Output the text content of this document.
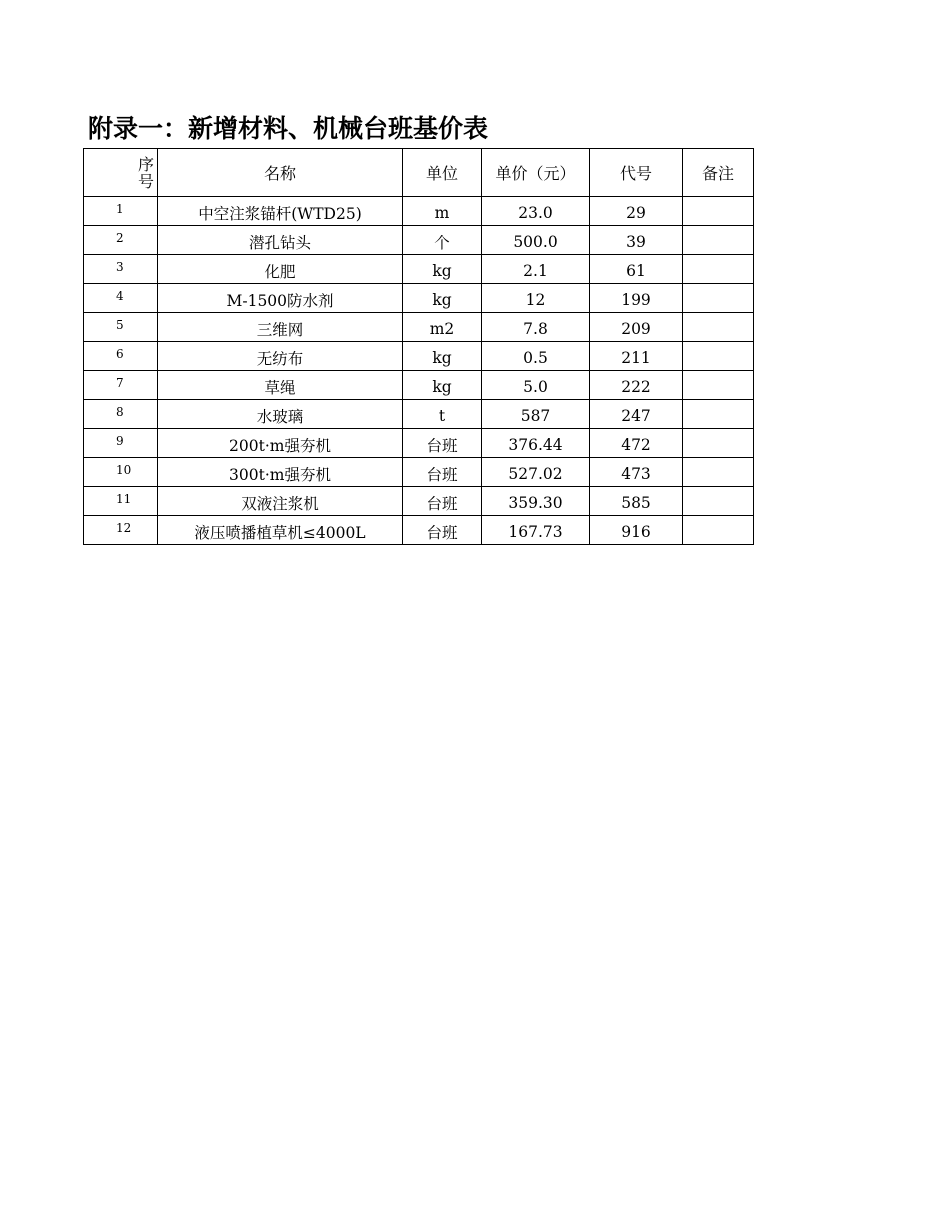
附录一：新增材料、机械台班基价表
序号	名称	单位	单价（元）	代号	备注
1	中空注浆锚杆(WTD25)	m	23.0	29	
2	潜孔钻头	个	500.0	39	
3	化肥	kg	2.1	61	
4	M-1500防水剂	kg	12	199	
5	三维网	m2	7.8	209	
6	无纺布	kg	0.5	211	
7	草绳	kg	5.0	222	
8	水玻璃	t	587	247	
9	200t·m强夯机	台班	376.44	472	
10	300t·m强夯机	台班	527.02	473	
11	双液注浆机	台班	359.30	585	
12	液压喷播植草机≤4000L	台班	167.73	916	
